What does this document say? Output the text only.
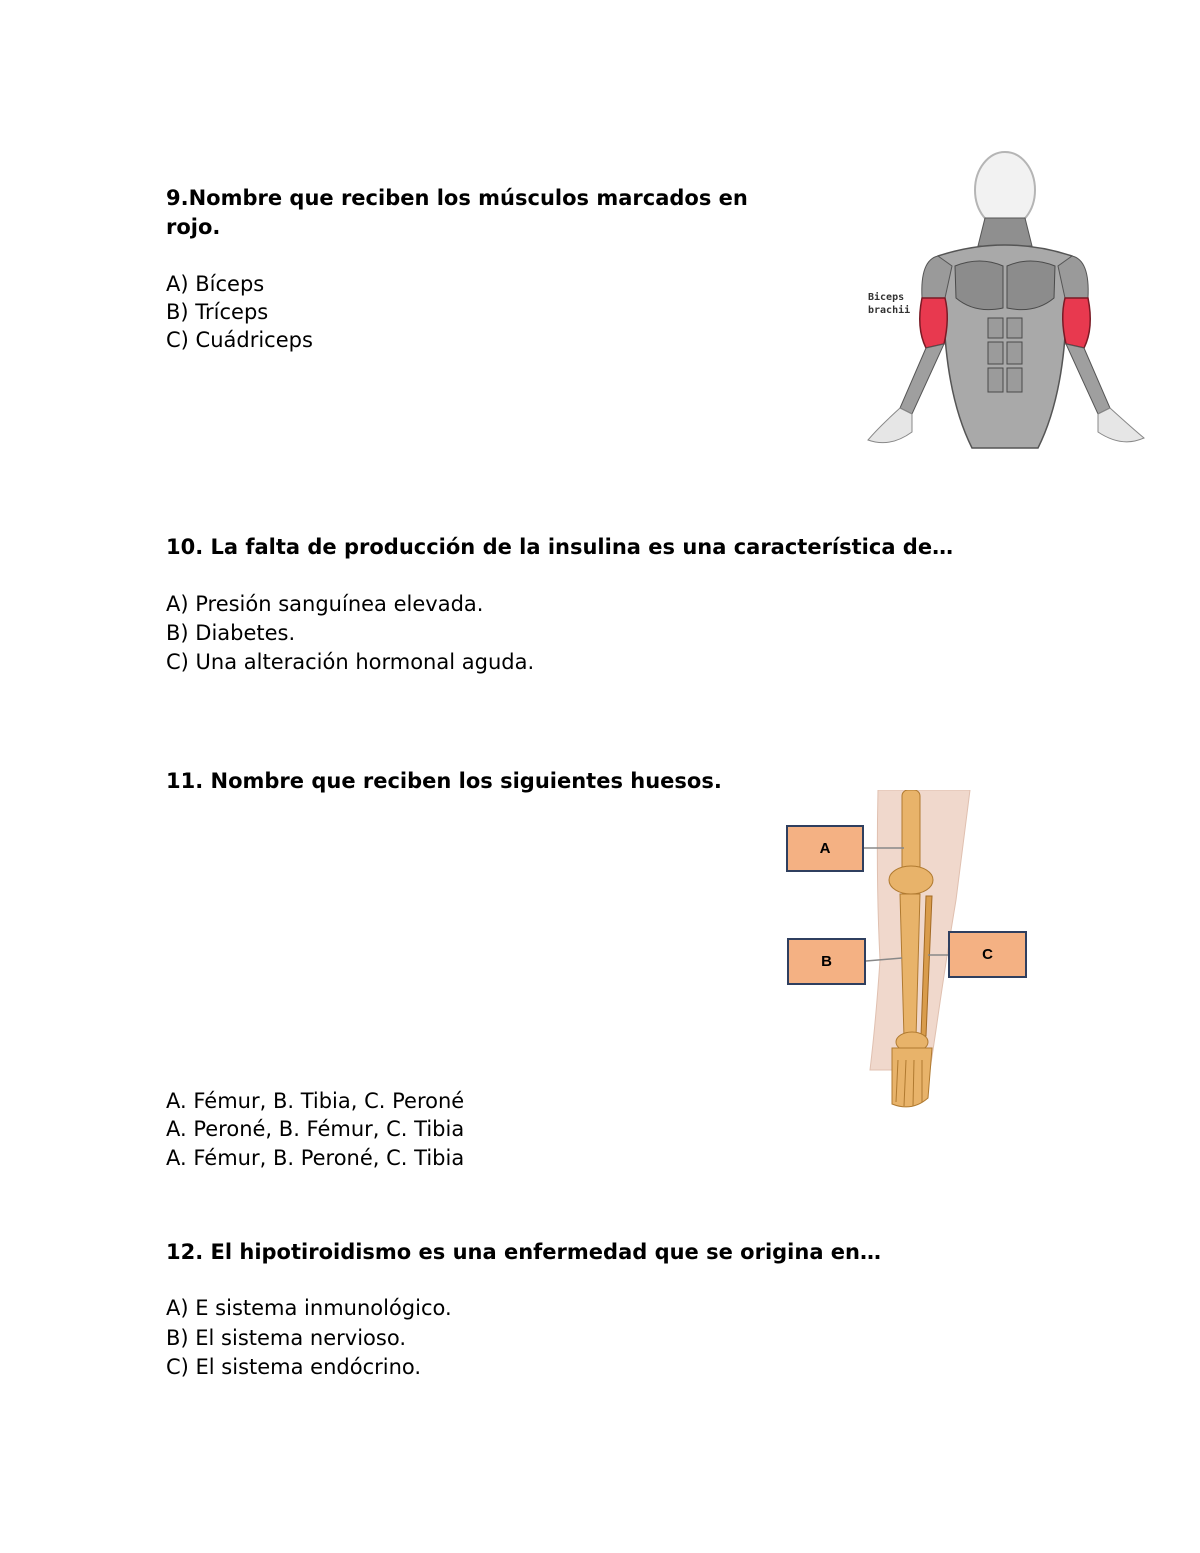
9.Nombre que reciben los músculos marcados en

rojo.

A) Bíceps

B) Tríceps

C) Cuádriceps

Biceps
brachii

10. La falta de producción de la insulina es una característica de…

A) Presión sanguínea elevada.

B) Diabetes.

C) Una alteración hormonal aguda.

11. Nombre que reciben los siguientes huesos.

A
B	C

A. Fémur, B. Tibia, C. Peroné

A. Peroné, B. Fémur, C. Tibia

A. Fémur, B. Peroné, C. Tibia

12. El hipotiroidismo es una enfermedad que se origina en…

A) E sistema inmunológico.

B) El sistema nervioso.

C) El sistema endócrino.
